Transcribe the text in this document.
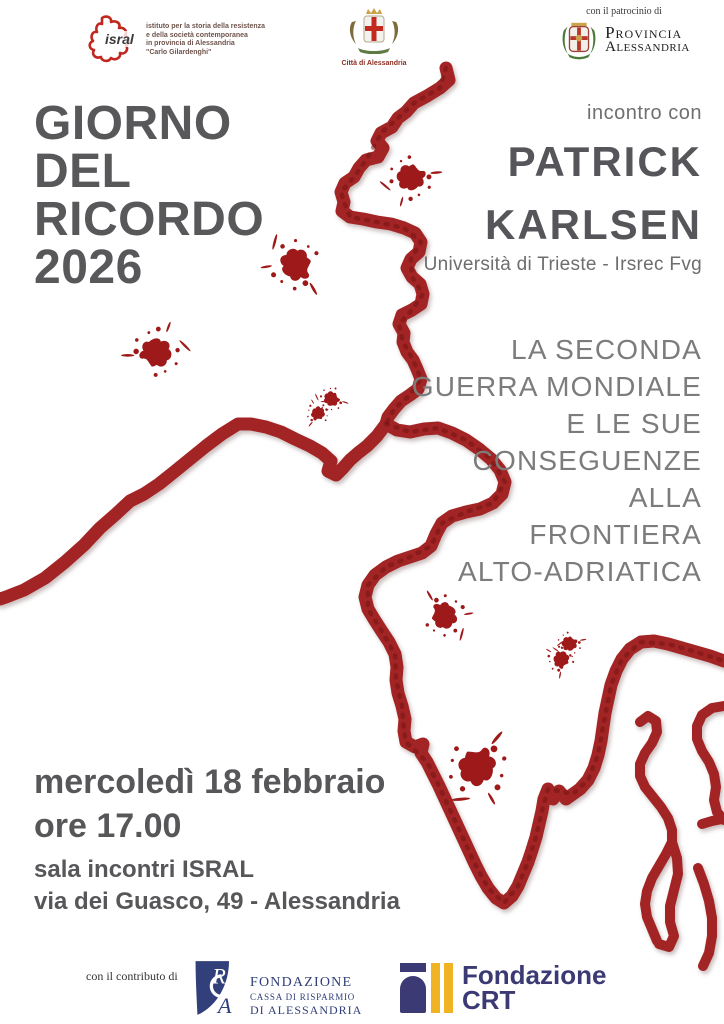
isral
istituto per la storia della resistenza
e della società contemporanea
in provincia di Alessandria
"Carlo Gilardenghi"
Città di Alessandria
con il patrocinio di
Provincia
Alessandria
GIORNO
DEL
RICORDO
2026
incontro con
PATRICK
KARLSEN
Università di Trieste - Irsrec Fvg
LA SECONDA
GUERRA MONDIALE
E LE SUE
CONSEGUENZE
ALLA
FRONTIERA
ALTO-ADRIATICA
mercoledì 18 febbraio
ore 17.00
sala incontri ISRAL
via dei Guasco, 49 - Alessandria
con il contributo di R
A
FONDAZIONE
CASSA DI RISPARMIO
DI ALESSANDRIA
Fondazione
CRT
